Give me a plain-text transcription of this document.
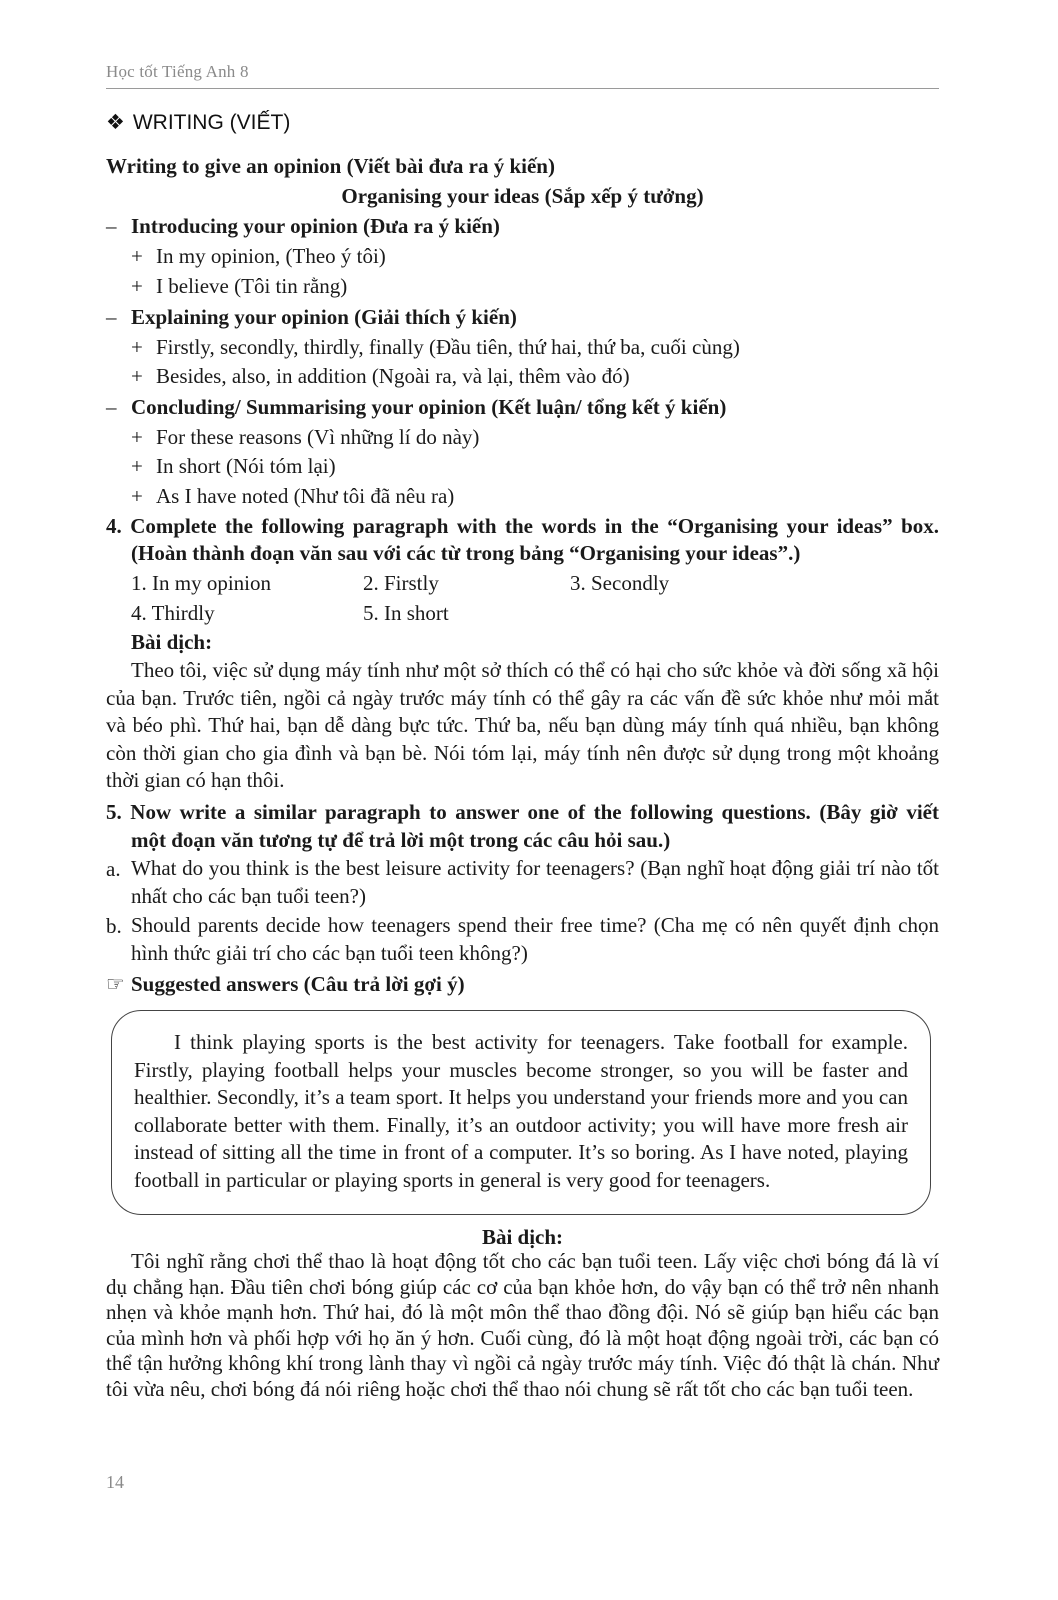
Học tốt Tiếng Anh 8
❖ WRITING (VIẾT)
Writing to give an opinion (Viết bài đưa ra ý kiến)
Organising your ideas (Sắp xếp ý tưởng)
– Introducing your opinion (Đưa ra ý kiến)
+ In my opinion, (Theo ý tôi)
+ I believe (Tôi tin rằng)
– Explaining your opinion (Giải thích ý kiến)
+ Firstly, secondly, thirdly, finally (Đầu tiên, thứ hai, thứ ba, cuối cùng)
+ Besides, also, in addition (Ngoài ra, và lại, thêm vào đó)
– Concluding/ Summarising your opinion (Kết luận/ tổng kết ý kiến)
+ For these reasons (Vì những lí do này)
+ In short (Nói tóm lại)
+ As I have noted (Như tôi đã nêu ra)
4. Complete the following paragraph with the words in the “Organising your ideas” box.
(Hoàn thành đoạn văn sau với các từ trong bảng “Organising your ideas”.)
1. In my opinion	2. Firstly	3. Secondly
4. Thirdly	5. In short
Bài dịch:
Theo tôi, việc sử dụng máy tính như một sở thích có thể có hại cho sức khỏe và đời sống xã hội của bạn. Trước tiên, ngồi cả ngày trước máy tính có thể gây ra các vấn đề sức khỏe như mỏi mắt và béo phì. Thứ hai, bạn dễ dàng bực tức. Thứ ba, nếu bạn dùng máy tính quá nhiều, bạn không còn thời gian cho gia đình và bạn bè. Nói tóm lại, máy tính nên được sử dụng trong một khoảng thời gian có hạn thôi.
5. Now write a similar paragraph to answer one of the following questions. (Bây giờ viết
một đoạn văn tương tự để trả lời một trong các câu hỏi sau.)
a. What do you think is the best leisure activity for teenagers? (Bạn nghĩ hoạt động giải trí nào tốt nhất cho các bạn tuổi teen?)
b. Should parents decide how teenagers spend their free time? (Cha mẹ có nên quyết định chọn hình thức giải trí cho các bạn tuổi teen không?)
☞ Suggested answers (Câu trả lời gợi ý)
Bài dịch:
Tôi nghĩ rằng chơi thể thao là hoạt động tốt cho các bạn tuổi teen. Lấy việc chơi bóng đá là ví dụ chẳng hạn. Đầu tiên chơi bóng giúp các cơ của bạn khỏe hơn, do vậy bạn có thể trở nên nhanh nhẹn và khỏe mạnh hơn. Thứ hai, đó là một môn thể thao đồng đội. Nó sẽ giúp bạn hiểu các bạn của mình hơn và phối hợp với họ ăn ý hơn. Cuối cùng, đó là một hoạt động ngoài trời, các bạn có thể tận hưởng không khí trong lành thay vì ngồi cả ngày trước máy tính. Việc đó thật là chán. Như tôi vừa nêu, chơi bóng đá nói riêng hoặc chơi thể thao nói chung sẽ rất tốt cho các bạn tuổi teen.
I think playing sports is the best activity for teenagers. Take football for example. Firstly, playing football helps your muscles become stronger, so you will be faster and healthier. Secondly, it’s a team sport. It helps you understand your friends more and you can collaborate better with them. Finally, it’s an outdoor activity; you will have more fresh air instead of sitting all the time in front of a computer. It’s so boring. As I have noted, playing football in particular or playing sports in general is very good for teenagers.
14
